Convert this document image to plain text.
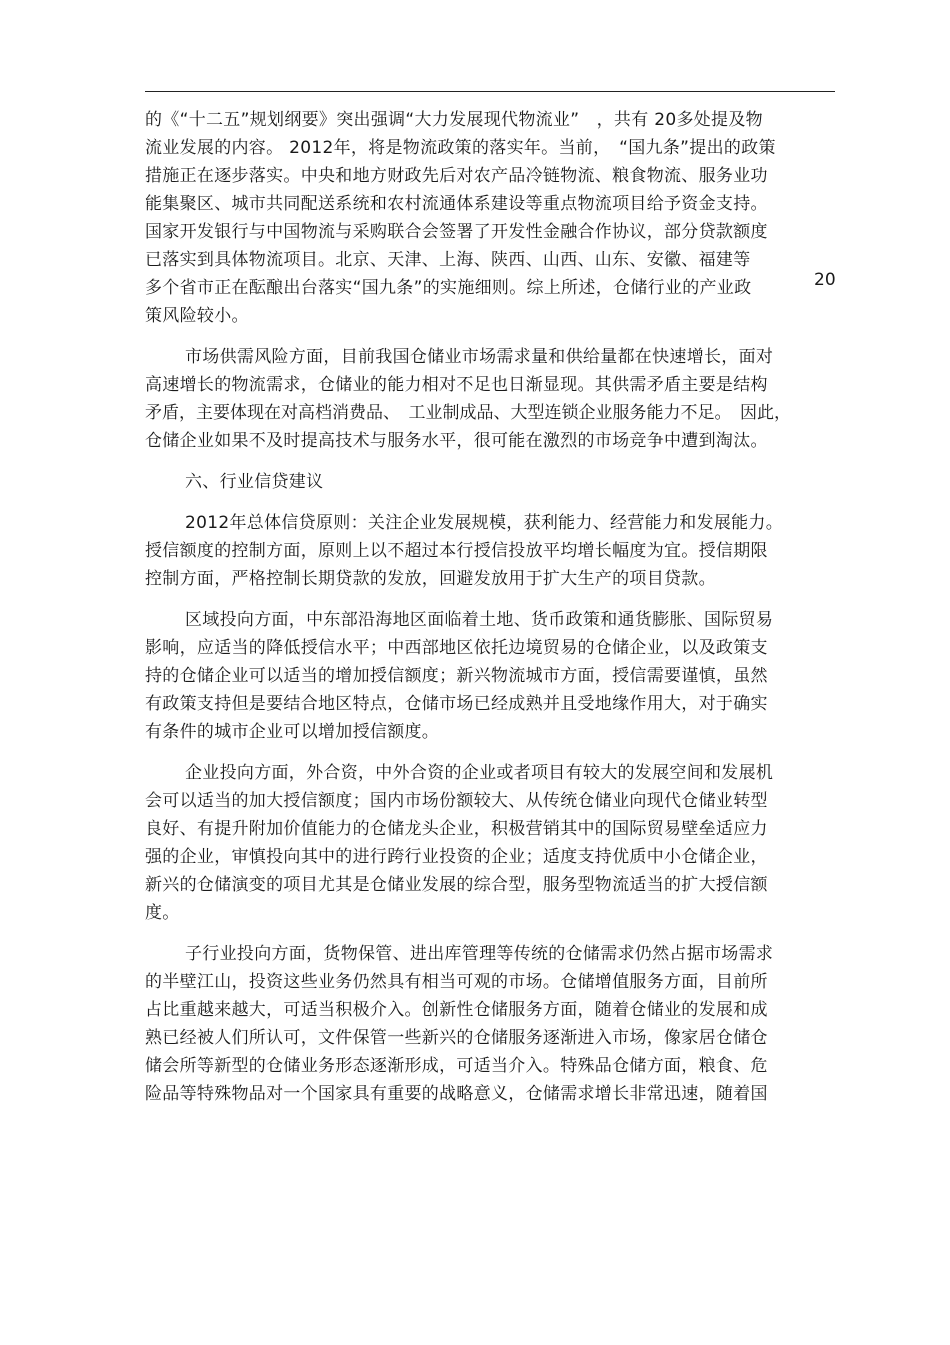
20
的《“十二五”规划纲要》突出强调“大力发展现代物流业”　，共有 20多处提及物
流业发展的内容。 2012年，将是物流政策的落实年。当前，　“国九条”提出的政策
措施正在逐步落实。中央和地方财政先后对农产品冷链物流、粮食物流、服务业功
能集聚区、城市共同配送系统和农村流通体系建设等重点物流项目给予资金支持。
国家开发银行与中国物流与采购联合会签署了开发性金融合作协议，部分贷款额度
已落实到具体物流项目。北京、天津、上海、陕西、山西、山东、安徽、福建等
多个省市正在酝酿出台落实“国九条”的实施细则。综上所述，仓储行业的产业政
策风险较小。
市场供需风险方面，目前我国仓储业市场需求量和供给量都在快速增长，面对
高速增长的物流需求，仓储业的能力相对不足也日渐显现。其供需矛盾主要是结构
矛盾，主要体现在对高档消费品、　工业制成品、大型连锁企业服务能力不足。　因此，
仓储企业如果不及时提高技术与服务水平，很可能在激烈的市场竞争中遭到淘汰。
六、行业信贷建议
2012年总体信贷原则：关注企业发展规模，获利能力、经营能力和发展能力。
授信额度的控制方面，原则上以不超过本行授信投放平均增长幅度为宜。授信期限
控制方面，严格控制长期贷款的发放，回避发放用于扩大生产的项目贷款。
区域投向方面，中东部沿海地区面临着土地、货币政策和通货膨胀、国际贸易
影响，应适当的降低授信水平；中西部地区依托边境贸易的仓储企业，以及政策支
持的仓储企业可以适当的增加授信额度；新兴物流城市方面，授信需要谨慎，虽然
有政策支持但是要结合地区特点，仓储市场已经成熟并且受地缘作用大，对于确实
有条件的城市企业可以增加授信额度。
企业投向方面，外合资，中外合资的企业或者项目有较大的发展空间和发展机
会可以适当的加大授信额度；国内市场份额较大、从传统仓储业向现代仓储业转型
良好、有提升附加价值能力的仓储龙头企业，积极营销其中的国际贸易壁垒适应力
强的企业，审慎投向其中的进行跨行业投资的企业；适度支持优质中小仓储企业，
新兴的仓储演变的项目尤其是仓储业发展的综合型，服务型物流适当的扩大授信额
度。
子行业投向方面，货物保管、进出库管理等传统的仓储需求仍然占据市场需求
的半壁江山，投资这些业务仍然具有相当可观的市场。仓储增值服务方面，目前所
占比重越来越大，可适当积极介入。创新性仓储服务方面，随着仓储业的发展和成
熟已经被人们所认可，文件保管一些新兴的仓储服务逐渐进入市场，像家居仓储仓
储会所等新型的仓储业务形态逐渐形成，可适当介入。特殊品仓储方面，粮食、危
险品等特殊物品对一个国家具有重要的战略意义，仓储需求增长非常迅速，随着国
